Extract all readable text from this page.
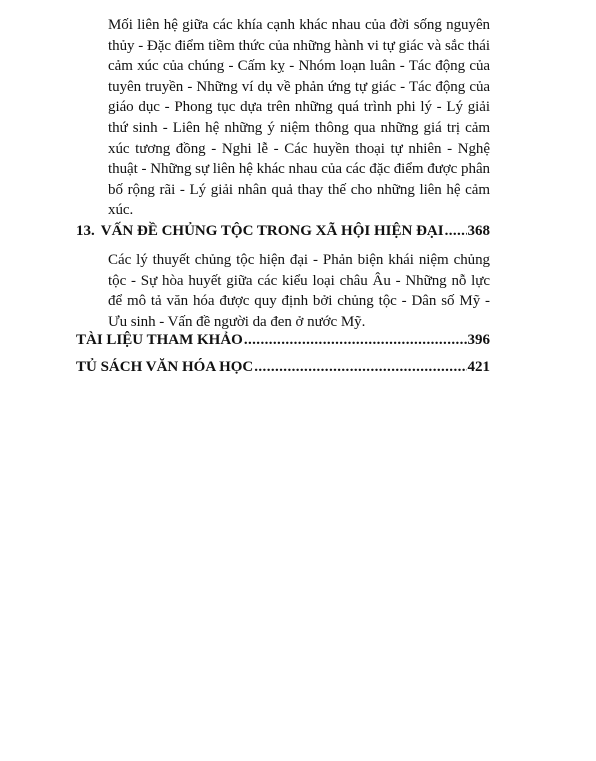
Mối liên hệ giữa các khía cạnh khác nhau của đời sống nguyên thủy - Đặc điểm tiềm thức của những hành vi tự giác và sắc thái cảm xúc của chúng - Cấm kỵ - Nhóm loạn luân - Tác động của tuyên truyền - Những ví dụ về phản ứng tự giác - Tác động của giáo dục - Phong tục dựa trên những quá trình phi lý - Lý giải thứ sinh - Liên hệ những ý niệm thông qua những giá trị cảm xúc tương đồng - Nghi lễ - Các huyền thoại tự nhiên - Nghệ thuật - Những sự liên hệ khác nhau của các đặc điểm được phân bố rộng rãi - Lý giải nhân quả thay thế cho những liên hệ cảm xúc.

13. VẤN ĐỀ CHỦNG TỘC TRONG XÃ HỘI HIỆN ĐẠI ..... 368

Các lý thuyết chủng tộc hiện đại - Phản biện khái niệm chủng tộc - Sự hòa huyết giữa các kiểu loại châu Âu - Những nỗ lực để mô tả văn hóa được quy định bởi chủng tộc - Dân số Mỹ - Ưu sinh - Vấn đề người da đen ở nước Mỹ.

TÀI LIỆU THAM KHẢO .....	396
TỦ SÁCH VĂN HÓA HỌC .....	421
